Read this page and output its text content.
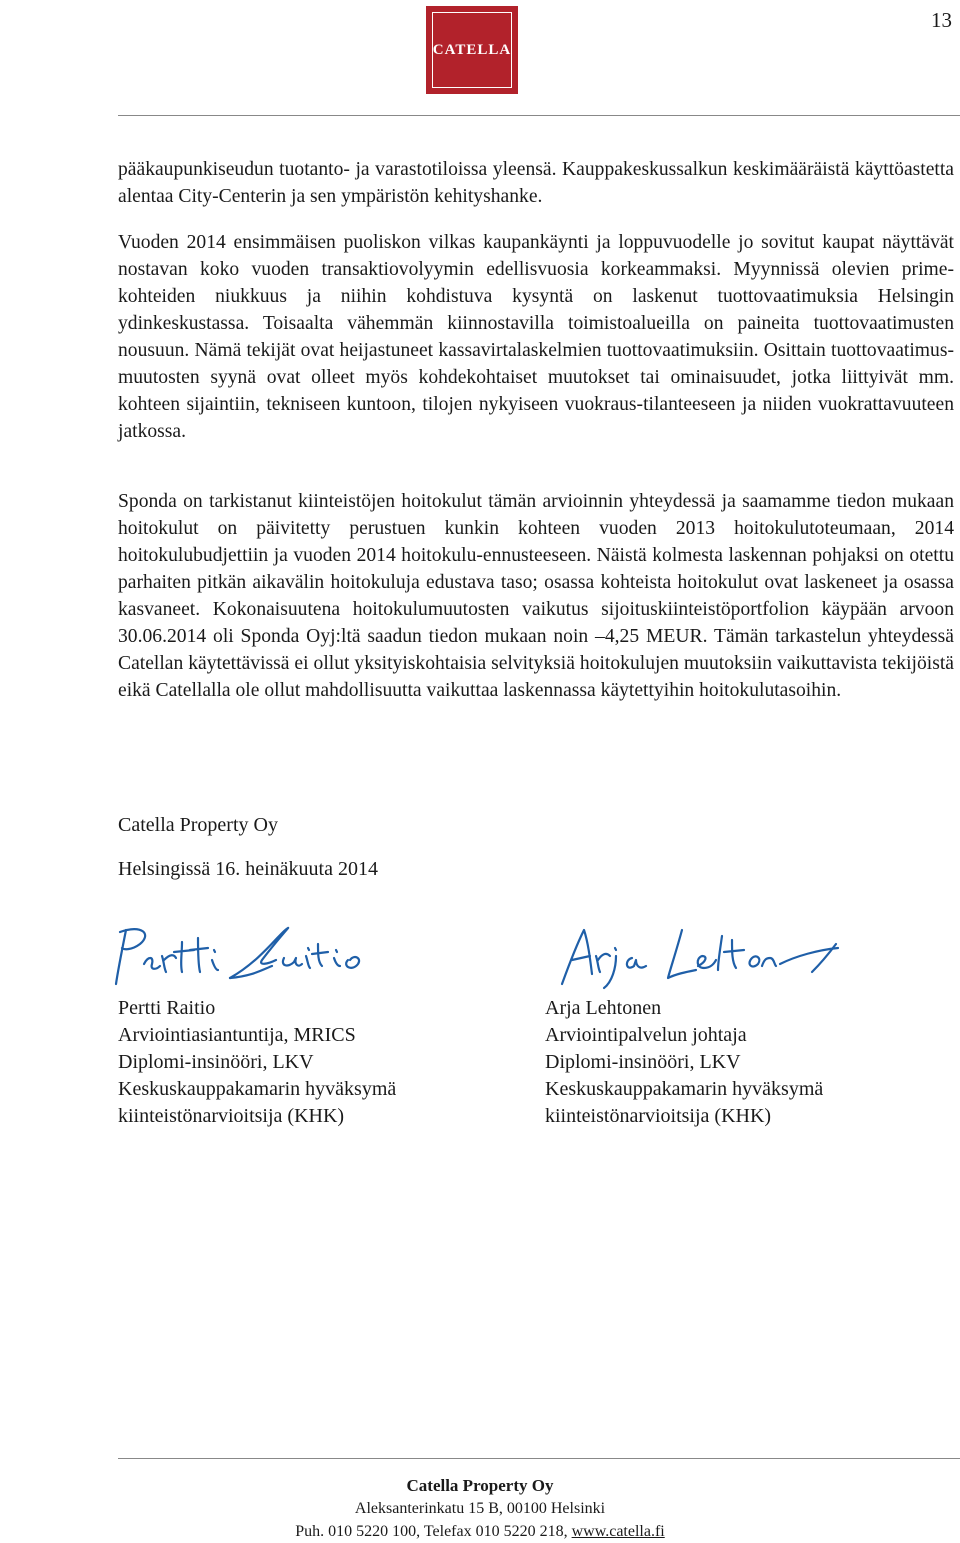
13
CATELLA

pääkaupunkiseudun tuotanto- ja varastotiloissa yleensä. Kauppakeskussalkun keskimääräistä käyttöastetta alentaa City-Centerin ja sen ympäristön kehityshanke.

Vuoden 2014 ensimmäisen puoliskon vilkas kaupankäynti ja loppuvuodelle jo sovitut kaupat näyttävät nostavan koko vuoden transaktiovolyymin edellisvuosia korkeammaksi. Myynnissä olevien prime-kohteiden niukkuus ja niihin kohdistuva kysyntä on laskenut tuottovaatimuksia Helsingin ydinkeskustassa. Toisaalta vähemmän kiinnostavilla toimistoalueilla on paineita tuottovaatimusten nousuun. Nämä tekijät ovat heijastuneet kassavirtalaskelmien tuottovaatimuksiin. Osittain tuottovaatimus-muutosten syynä ovat olleet myös kohdekohtaiset muutokset tai ominaisuudet, jotka liittyivät mm. kohteen sijaintiin, tekniseen kuntoon, tilojen nykyiseen vuokraus-tilanteeseen ja niiden vuokrattavuuteen jatkossa.

Sponda on tarkistanut kiinteistöjen hoitokulut tämän arvioinnin yhteydessä ja saamamme tiedon mukaan hoitokulut on päivitetty perustuen kunkin kohteen vuoden 2013 hoitokulutoteumaan, 2014 hoitokulubudjettiin ja vuoden 2014 hoitokulu-ennusteeseen. Näistä kolmesta laskennan pohjaksi on otettu parhaiten pitkän aikavälin hoitokuluja edustava taso; osassa kohteista hoitokulut ovat laskeneet ja osassa kasvaneet. Kokonaisuutena hoitokulumuutosten vaikutus sijoituskiinteistöportfolion käypään arvoon 30.06.2014 oli Sponda Oyj:ltä saadun tiedon mukaan noin –4,25 MEUR. Tämän tarkastelun yhteydessä Catellan käytettävissä ei ollut yksityiskohtaisia selvityksiä hoitokulujen muutoksiin vaikuttavista tekijöistä eikä Catellalla ole ollut mahdollisuutta vaikuttaa laskennassa käytettyihin hoitokulutasoihin.

Catella Property Oy
Helsingissä 16. heinäkuuta 2014
Pertti Raitio
Arviointiasiantuntija, MRICS
Diplomi-insinööri, LKV
Keskuskauppakamarin hyväksymä
kiinteistönarvioitsija (KHK)
Arja Lehtonen
Arviointipalvelun johtaja
Diplomi-insinööri, LKV
Keskuskauppakamarin hyväksymä
kiinteistönarvioitsija (KHK)
Catella Property Oy
Aleksanterinkatu 15 B, 00100 Helsinki
Puh. 010 5220 100, Telefax 010 5220 218, www.catella.fi
